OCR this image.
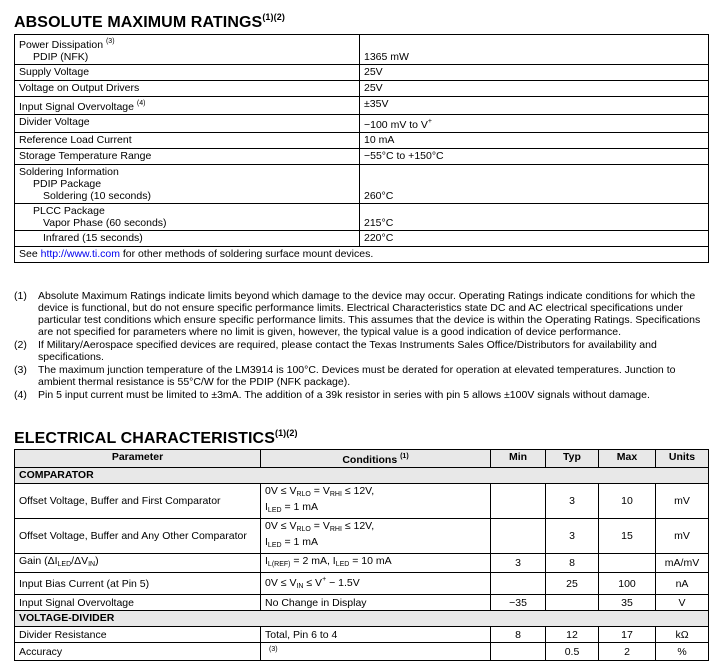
ABSOLUTE MAXIMUM $RATINGS^{(1)(2)}$
Power Dissipation $^{(3)}$
PDIP (NFK)	1365 mW
Supply Voltage	25V
Voltage on Output Drivers	25V
Input Signal Overvoltage $^{(4)}$	±35V
Divider Voltage	−100 mV to V+
Reference Load Current	10 mA
Storage Temperature Range	−55°C to +150°C
Soldering Information
PDIP Package
Soldering (10 seconds)	260°C
PLCC Package
Vapor Phase (60 seconds)	215°C
Infrared (15 seconds)	220°C
See http://www.ti.com for other methods of soldering surface mount devices.	
(1)	Absolute Maximum Ratings indicate limits beyond which damage to the device may occur. Operating Ratings indicate conditions for which the device is functional, but do not ensure specific performance limits. Electrical Characteristics state DC and AC electrical specifications under particular test conditions which ensure specific performance limits. This assumes that the device is within the Operating Ratings. Specifications are not specified for parameters where no limit is given, however, the typical value is a good indication of device performance.
(2)	If Military/Aerospace specified devices are required, please contact the Texas Instruments Sales Office/Distributors for availability and specifications.
(3)	The maximum junction temperature of the LM3914 is 100°C. Devices must be derated for operation at elevated temperatures. Junction to ambient thermal resistance is 55°C/W for the PDIP (NFK package).
(4)	Pin 5 input current must be limited to ±3mA. The addition of a 39k resistor in series with pin 5 allows ±100V signals without damage.
ELECTRICAL $CHARACTERISTICS^{(1)(2)}$
Parameter	Conditions $^{(1)}$	Min	Typ	Max	Units
COMPARATOR					
Offset Voltage, Buffer and First Comparator	$0V \le V_{RLO} = V_{RHI} \le 12V$,
$I_{LED} = 1$ mA		3	10	mV
Offset Voltage, Buffer and Any Other Comparator	$0V \le V_{RLO} = V_{RHI} \le 12V$,
$I_{LED} = 1$ mA		3	15	mV
Gain $(\Delta I_{LED}/\Delta V_{IN})$	$I_{L(REF)} = 2$ mA, $I_{LED} = 10$ mA	3	8		mA/mV
Input Bias Current (at Pin 5)	$0V \le V_{IN} \le V^+ - 1.5V$		25	100	nA
Input Signal Overvoltage	No Change in Display	−35		35	V
VOLTAGE-DIVIDER					
Divider Resistance	Total, Pin 6 to 4	8	12	17	kΩ
Accuracy	$^{(3)}$		0.5	2	%
